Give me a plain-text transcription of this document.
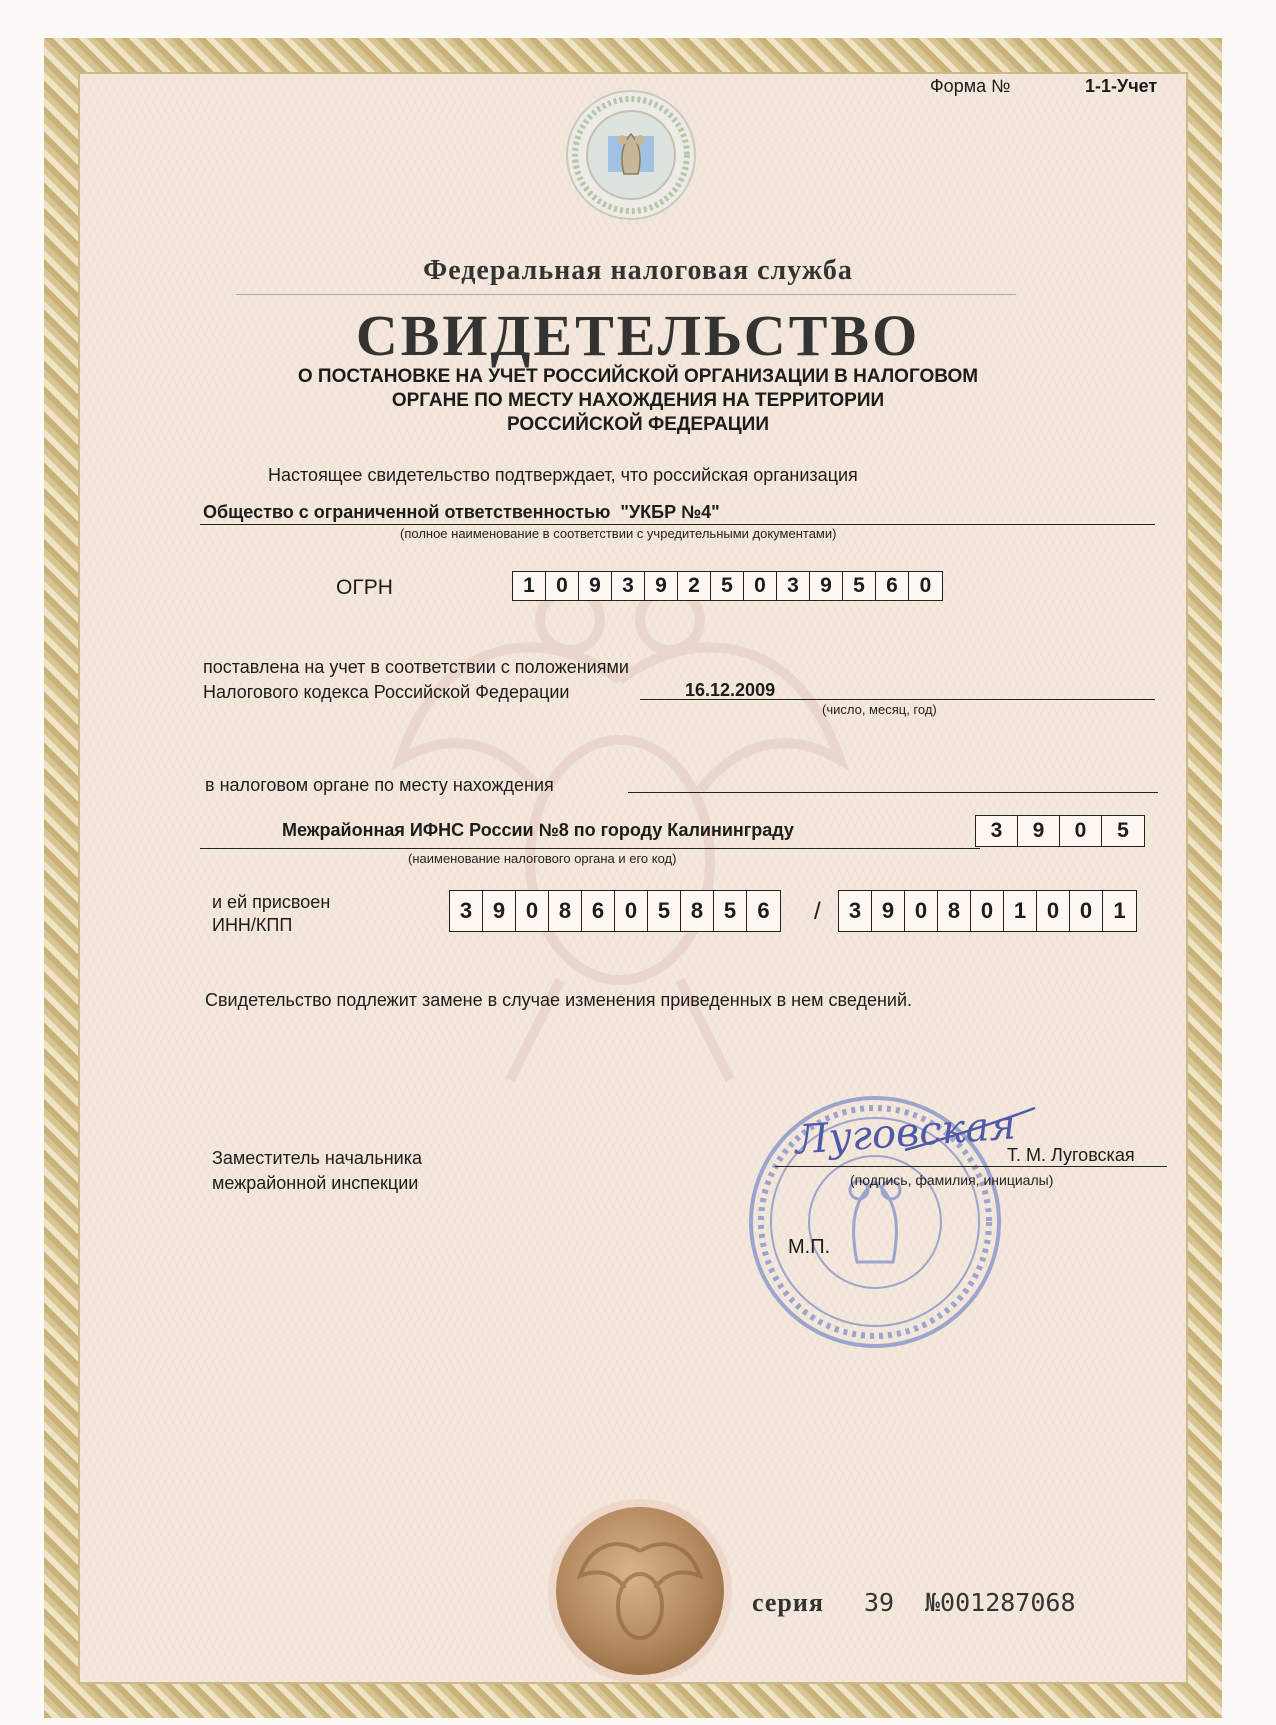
Форма №	1-1-Учет
Федеральная налоговая служба
СВИДЕТЕЛЬСТВО
О ПОСТАНОВКЕ НА УЧЕТ РОССИЙСКОЙ ОРГАНИЗАЦИИ В НАЛОГОВОМ
ОРГАНЕ ПО МЕСТУ НАХОЖДЕНИЯ НА ТЕРРИТОРИИ
РОССИЙСКОЙ ФЕДЕРАЦИИ
Настоящее свидетельство подтверждает, что российская организация
Общество с ограниченной ответственностью  "УКБР №4"
(полное наименование в соответствии с учредительными документами)
ОГРН	1	0	9	3	9	2	5	0	3	9	5	6	0
поставлена на учет в соответствии с положениями
Налогового кодекса Российской Федерации	16.12.2009
(число, месяц, год)
в налоговом органе по месту нахождения
Межрайонная ИФНС России №8 по городу Калининграду	3	9	0	5
(наименование налогового органа и его код)
и ей присвоен
ИНН/КПП
3 9 0 8 6 0 5 8 5 6	/	3 9 0 8 0 1 0 0 1
Свидетельство подлежит замене в случае изменения приведенных в нем сведений.
Заместитель начальника
межрайонной инспекции
Луговская
Т. М. Луговская
(подпись, фамилия, инициалы)
М.П.
серия 39 №001287068
